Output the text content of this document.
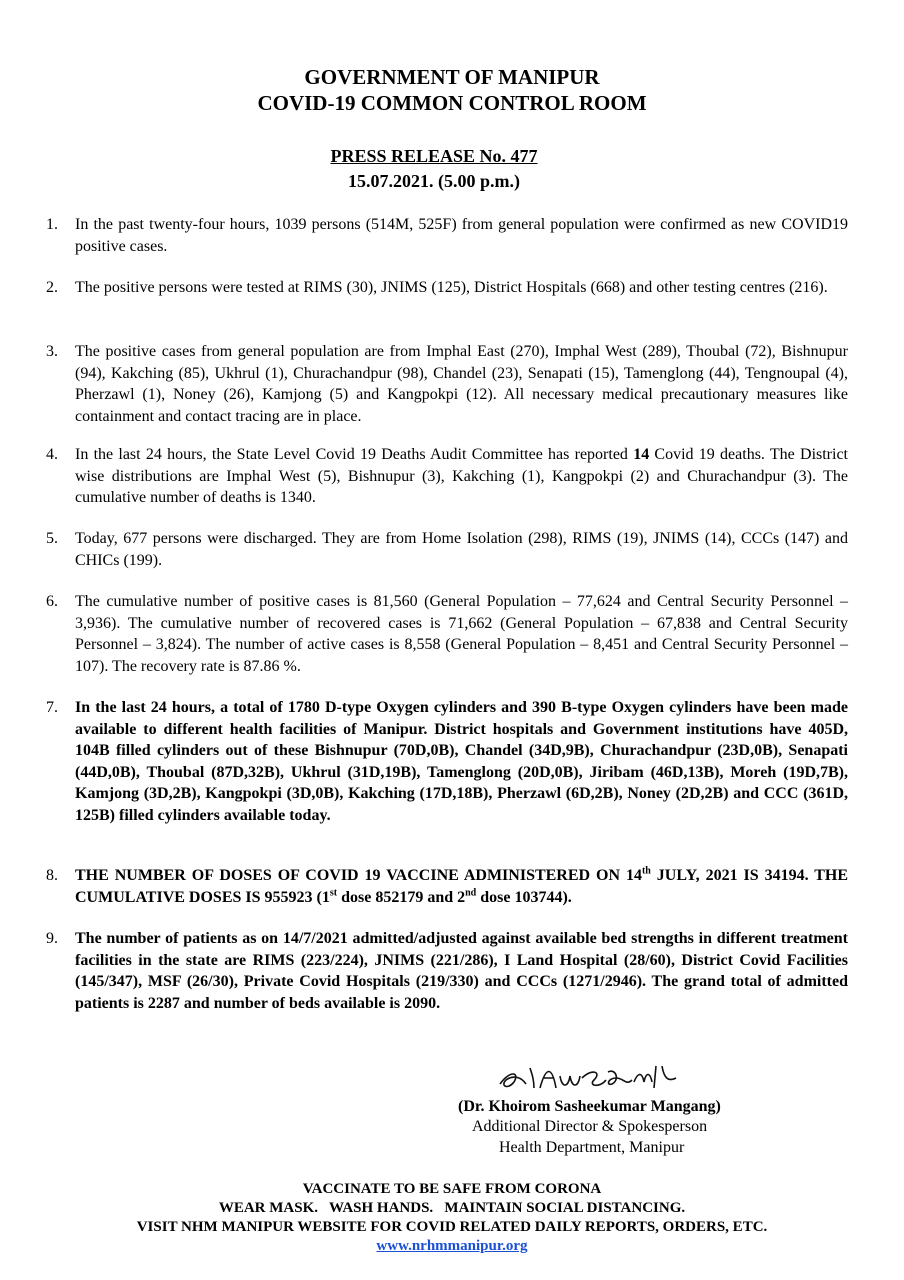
GOVERNMENT OF MANIPUR
COVID-19 COMMON CONTROL ROOM
PRESS RELEASE No. 477
15.07.2021. (5.00 p.m.)
1.	In the past twenty-four hours, 1039 persons (514M, 525F) from general population were confirmed as new COVID19 positive cases.
2.	The positive persons were tested at RIMS (30), JNIMS (125), District Hospitals (668) and other testing centres (216).
3.	The positive cases from general population are from Imphal East (270), Imphal West (289), Thoubal (72), Bishnupur (94), Kakching (85), Ukhrul (1), Churachandpur (98), Chandel (23), Senapati (15), Tamenglong (44), Tengnoupal (4), Pherzawl (1), Noney (26), Kamjong (5) and Kangpokpi (12). All necessary medical precautionary measures like containment and contact tracing are in place.
4.	In the last 24 hours, the State Level Covid 19 Deaths Audit Committee has reported 14 Covid 19 deaths. The District wise distributions are Imphal West (5), Bishnupur (3), Kakching (1), Kangpokpi (2) and Churachandpur (3). The cumulative number of deaths is 1340.
5.	Today, 677 persons were discharged. They are from Home Isolation (298), RIMS (19), JNIMS (14), CCCs (147) and CHICs (199).
6.	The cumulative number of positive cases is 81,560 (General Population – 77,624 and Central Security Personnel – 3,936). The cumulative number of recovered cases is 71,662 (General Population – 67,838 and Central Security Personnel – 3,824). The number of active cases is 8,558 (General Population – 8,451 and Central Security Personnel – 107). The recovery rate is 87.86 %.
7.	In the last 24 hours, a total of 1780 D-type Oxygen cylinders and 390 B-type Oxygen cylinders have been made available to different health facilities of Manipur. District hospitals and Government institutions have 405D, 104B filled cylinders out of these Bishnupur (70D,0B), Chandel (34D,9B), Churachandpur (23D,0B), Senapati (44D,0B), Thoubal (87D,32B), Ukhrul (31D,19B), Tamenglong (20D,0B), Jiribam (46D,13B), Moreh (19D,7B), Kamjong (3D,2B), Kangpokpi (3D,0B), Kakching (17D,18B), Pherzawl (6D,2B), Noney (2D,2B) and CCC (361D, 125B) filled cylinders available today.
8.	THE NUMBER OF DOSES OF COVID 19 VACCINE ADMINISTERED ON 14th JULY, 2021 IS 34194. THE CUMULATIVE DOSES IS 955923 (1st dose 852179 and 2nd dose 103744).
9.	The number of patients as on 14/7/2021 admitted/adjusted against available bed strengths in different treatment facilities in the state are RIMS (223/224), JNIMS (221/286), I Land Hospital (28/60), District Covid Facilities (145/347), MSF (26/30), Private Covid Hospitals (219/330) and CCCs (1271/2946). The grand total of admitted patients is 2287 and number of beds available is 2090.
(Dr. Khoirom Sasheekumar Mangang)
Additional Director & Spokesperson
Health Department, Manipur
VACCINATE TO BE SAFE FROM CORONA
WEAR MASK.   WASH HANDS.   MAINTAIN SOCIAL DISTANCING.
VISIT NHM MANIPUR WEBSITE FOR COVID RELATED DAILY REPORTS, ORDERS, ETC.
www.nrhmmanipur.org
